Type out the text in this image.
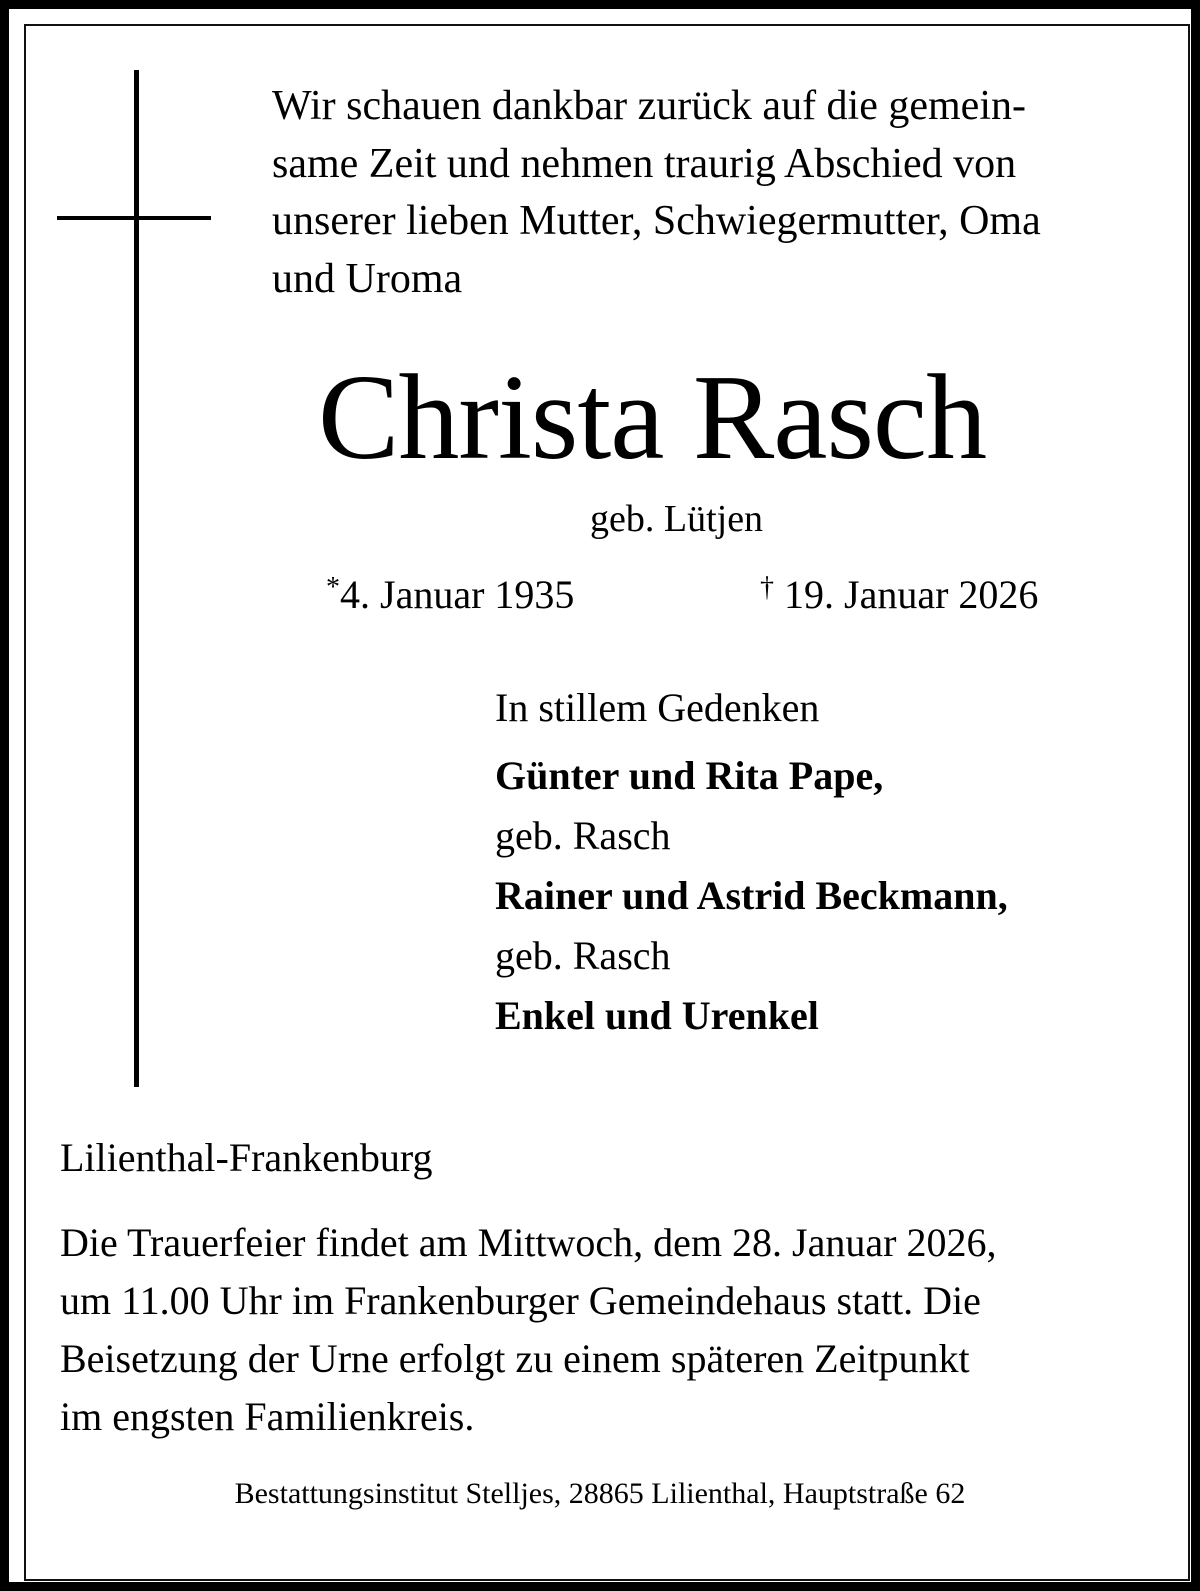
Wir schauen dankbar zurück auf die gemein-
same Zeit und nehmen traurig Abschied von
unserer lieben Mutter, Schwiegermutter, Oma
und Uroma
Christa Rasch
geb. Lütjen
*4. Januar 1935	† 19. Januar 2026
In stillem Gedenken
Günter und Rita Pape,
geb. Rasch
Rainer und Astrid Beckmann,
geb. Rasch
Enkel und Urenkel
Lilienthal-Frankenburg
Die Trauerfeier findet am Mittwoch, dem 28. Januar 2026,
um 11.00 Uhr im Frankenburger Gemeindehaus statt. Die
Beisetzung der Urne erfolgt zu einem späteren Zeitpunkt
im engsten Familienkreis.
Bestattungsinstitut Stelljes, 28865 Lilienthal, Hauptstraße 62
